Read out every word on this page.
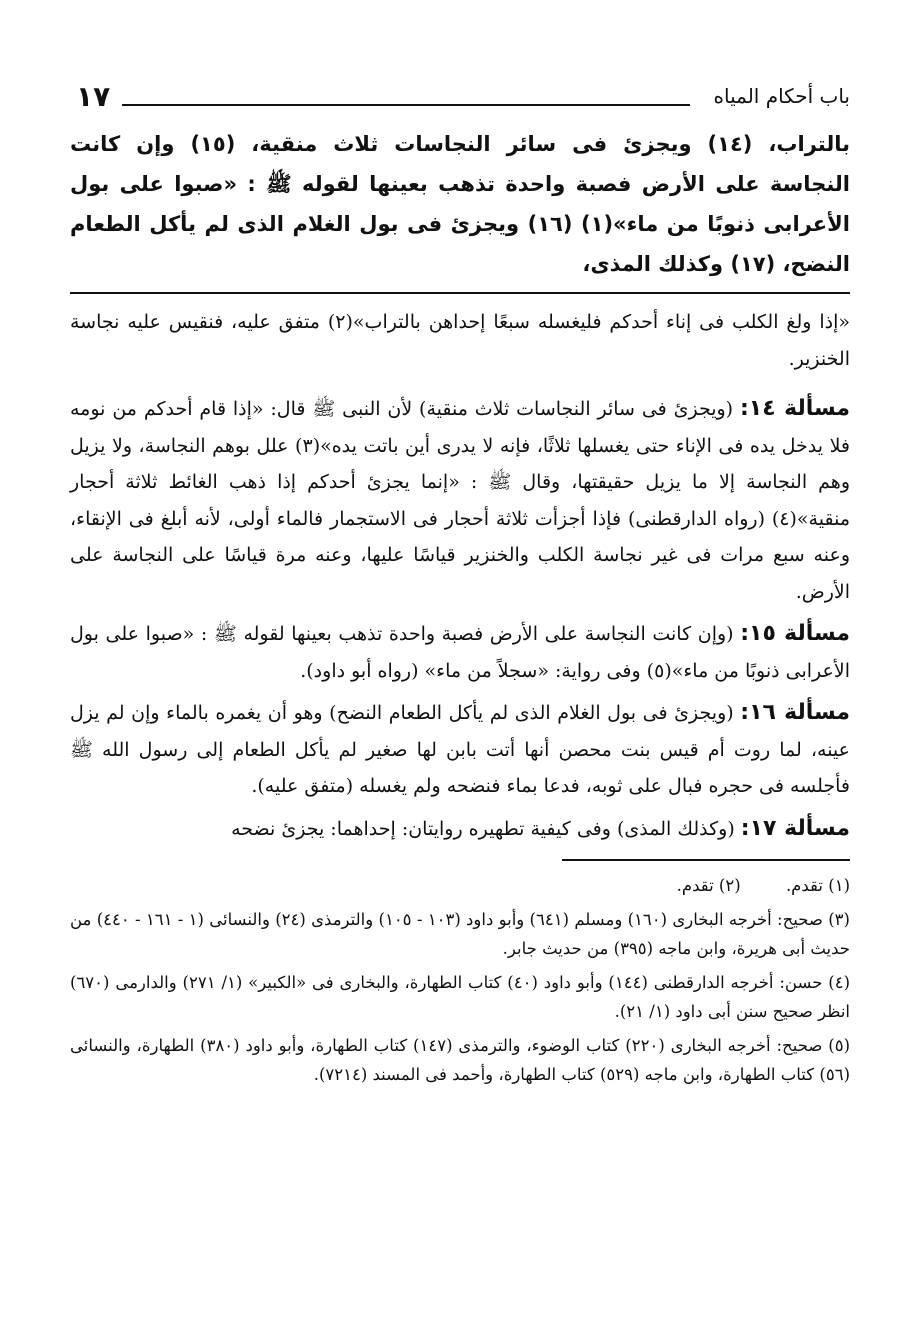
باب أحكام المياه
١٧

بالتراب، (١٤) ويجزئ فى سائر النجاسات ثلاث منقية، (١٥) وإن كانت النجاسة على الأرض فصبة واحدة تذهب بعينها لقوله ﷺ : «صبوا على بول الأعرابى ذنوبًا من ماء»(١) (١٦) ويجزئ فى بول الغلام الذى لم يأكل الطعام النضح، (١٧) وكذلك المذى،

«إذا ولغ الكلب فى إناء أحدكم فليغسله سبعًا إحداهن بالتراب»(٢) متفق عليه، فنقيس عليه نجاسة الخنزير.

مسألة ١٤: (ويجزئ فى سائر النجاسات ثلاث منقية) لأن النبى ﷺ قال: «إذا قام أحدكم من نومه فلا يدخل يده فى الإناء حتى يغسلها ثلاثًا، فإنه لا يدرى أين باتت يده»(٣) علل بوهم النجاسة، ولا يزيل وهم النجاسة إلا ما يزيل حقيقتها، وقال ﷺ : «إنما يجزئ أحدكم إذا ذهب الغائط ثلاثة أحجار منقية»(٤) (رواه الدارقطنى) فإذا أجزأت ثلاثة أحجار فى الاستجمار فالماء أولى، لأنه أبلغ فى الإنقاء، وعنه سبع مرات فى غير نجاسة الكلب والخنزير قياسًا عليها، وعنه مرة قياسًا على النجاسة على الأرض.

مسألة ١٥: (وإن كانت النجاسة على الأرض فصبة واحدة تذهب بعينها لقوله ﷺ : «صبوا على بول الأعرابى ذنوبًا من ماء»(٥) وفى رواية: «سجلاً من ماء» (رواه أبو داود).

مسألة ١٦: (ويجزئ فى بول الغلام الذى لم يأكل الطعام النضح) وهو أن يغمره بالماء وإن لم يزل عينه، لما روت أم قيس بنت محصن أنها أتت بابن لها صغير لم يأكل الطعام إلى رسول الله ﷺ فأجلسه فى حجره فبال على ثوبه، فدعا بماء فنضحه ولم يغسله (متفق عليه).

مسألة ١٧: (وكذلك المذى) وفى كيفية تطهيره روايتان: إحداهما: يجزئ نضحه

(١) تقدم. (٢) تقدم.

(٣) صحيح: أخرجه البخارى (١٦٠) ومسلم (٦٤١) وأبو داود (١٠٣ - ١٠٥) والترمذى (٢٤) والنسائى (١ - ١٦١ - ٤٤٠) من حديث أبى هريرة، وابن ماجه (٣٩٥) من حديث جابر.

(٤) حسن: أخرجه الدارقطنى (١٤٤) وأبو داود (٤٠) كتاب الطهارة، والبخارى فى «الكبير» (١/ ٢٧١) والدارمى (٦٧٠) انظر صحيح سنن أبى داود (١/ ٢١).

(٥) صحيح: أخرجه البخارى (٢٢٠) كتاب الوضوء، والترمذى (١٤٧) كتاب الطهارة، وأبو داود (٣٨٠) الطهارة، والنسائى (٥٦) كتاب الطهارة، وابن ماجه (٥٢٩) كتاب الطهارة، وأحمد فى المسند (٧٢١٤).
